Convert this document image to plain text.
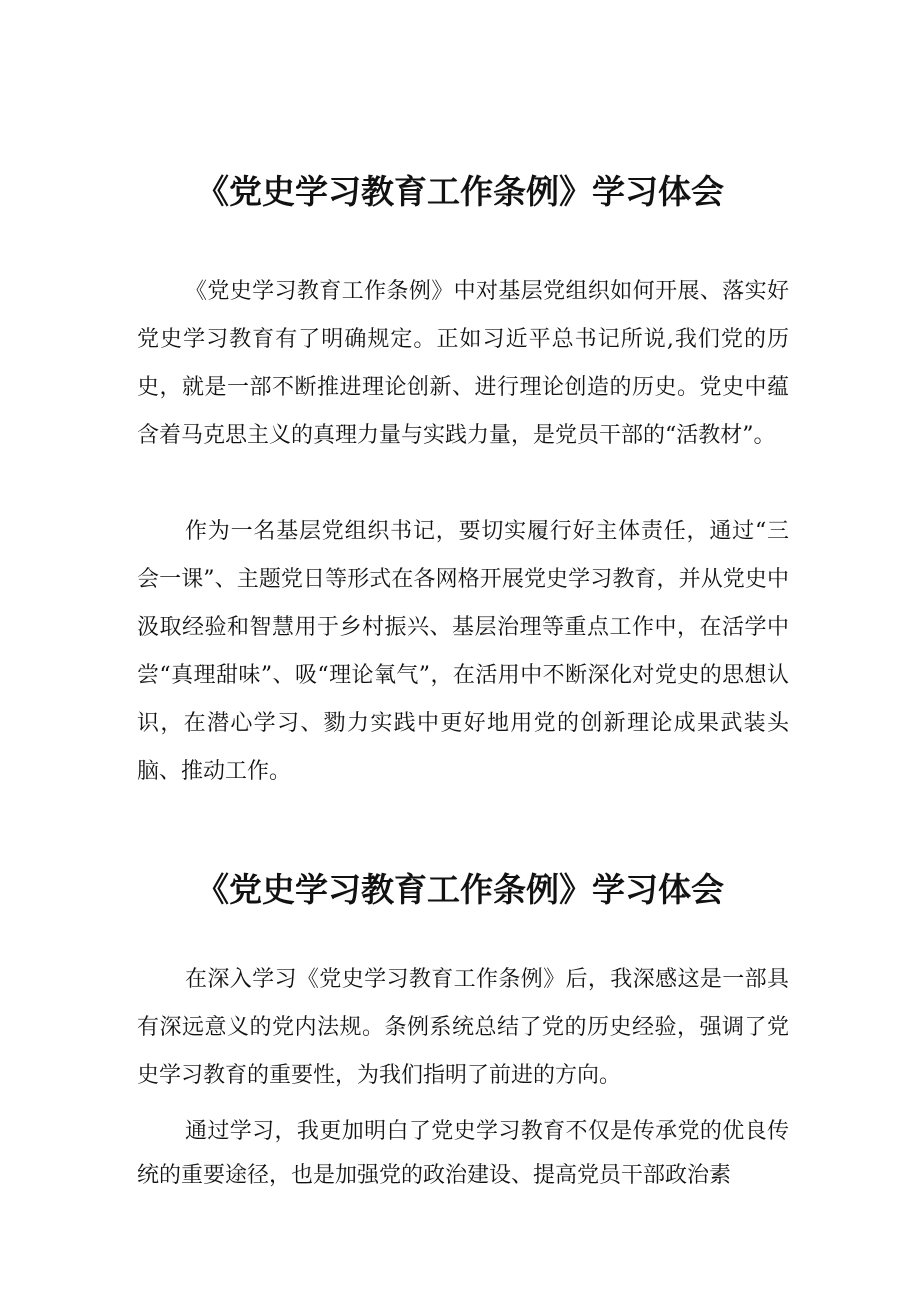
《党史学习教育工作条例》学习体会

《党史学习教育工作条例》中对基层党组织如何开展、落实好党史学习教育有了明确规定。正如习近平总书记所说,我们党的历史，就是一部不断推进理论创新、进行理论创造的历史。党史中蕴含着马克思主义的真理力量与实践力量，是党员干部的“活教材”。

作为一名基层党组织书记，要切实履行好主体责任，通过“三会一课”、主题党日等形式在各网格开展党史学习教育，并从党史中汲取经验和智慧用于乡村振兴、基层治理等重点工作中，在活学中尝“真理甜味”、吸“理论氧气”，在活用中不断深化对党史的思想认识，在潜心学习、勠力实践中更好地用党的创新理论成果武装头脑、推动工作。

《党史学习教育工作条例》学习体会

在深入学习《党史学习教育工作条例》后，我深感这是一部具有深远意义的党内法规。条例系统总结了党的历史经验，强调了党史学习教育的重要性，为我们指明了前进的方向。

通过学习，我更加明白了党史学习教育不仅是传承党的优良传统的重要途径，也是加强党的政治建设、提高党员干部政治素
